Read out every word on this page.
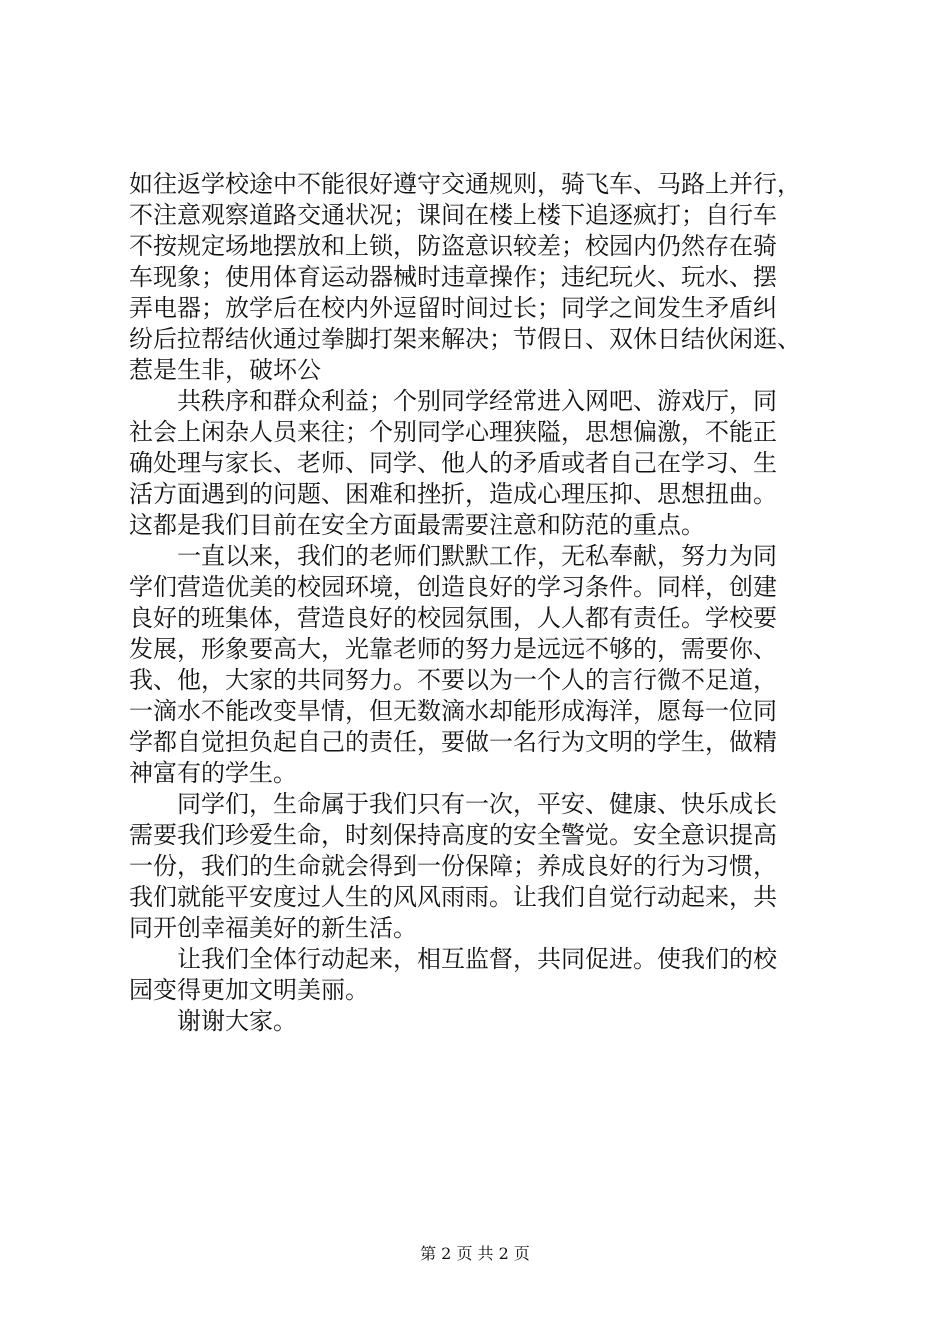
如往返学校途中不能很好遵守交通规则，骑飞车、马路上并行，
不注意观察道路交通状况；课间在楼上楼下追逐疯打；自行车
不按规定场地摆放和上锁，防盗意识较差；校园内仍然存在骑
车现象；使用体育运动器械时违章操作；违纪玩火、玩水、摆
弄电器；放学后在校内外逗留时间过长；同学之间发生矛盾纠
纷后拉帮结伙通过拳脚打架来解决；节假日、双休日结伙闲逛、
惹是生非，破坏公
共秩序和群众利益；个别同学经常进入网吧、游戏厅，同
社会上闲杂人员来往；个别同学心理狭隘，思想偏激，不能正
确处理与家长、老师、同学、他人的矛盾或者自己在学习、生
活方面遇到的问题、困难和挫折，造成心理压抑、思想扭曲。
这都是我们目前在安全方面最需要注意和防范的重点。
一直以来，我们的老师们默默工作，无私奉献，努力为同
学们营造优美的校园环境，创造良好的学习条件。同样，创建
良好的班集体，营造良好的校园氛围，人人都有责任。学校要
发展，形象要高大，光靠老师的努力是远远不够的，需要你、
我、他，大家的共同努力。不要以为一个人的言行微不足道，
一滴水不能改变旱情，但无数滴水却能形成海洋，愿每一位同
学都自觉担负起自己的责任，要做一名行为文明的学生，做精
神富有的学生。
同学们，生命属于我们只有一次，平安、健康、快乐成长
需要我们珍爱生命，时刻保持高度的安全警觉。安全意识提高
一份，我们的生命就会得到一份保障；养成良好的行为习惯，
我们就能平安度过人生的风风雨雨。让我们自觉行动起来，共
同开创幸福美好的新生活。
让我们全体行动起来，相互监督，共同促进。使我们的校
园变得更加文明美丽。
谢谢大家。
第 2 页 共 2 页
